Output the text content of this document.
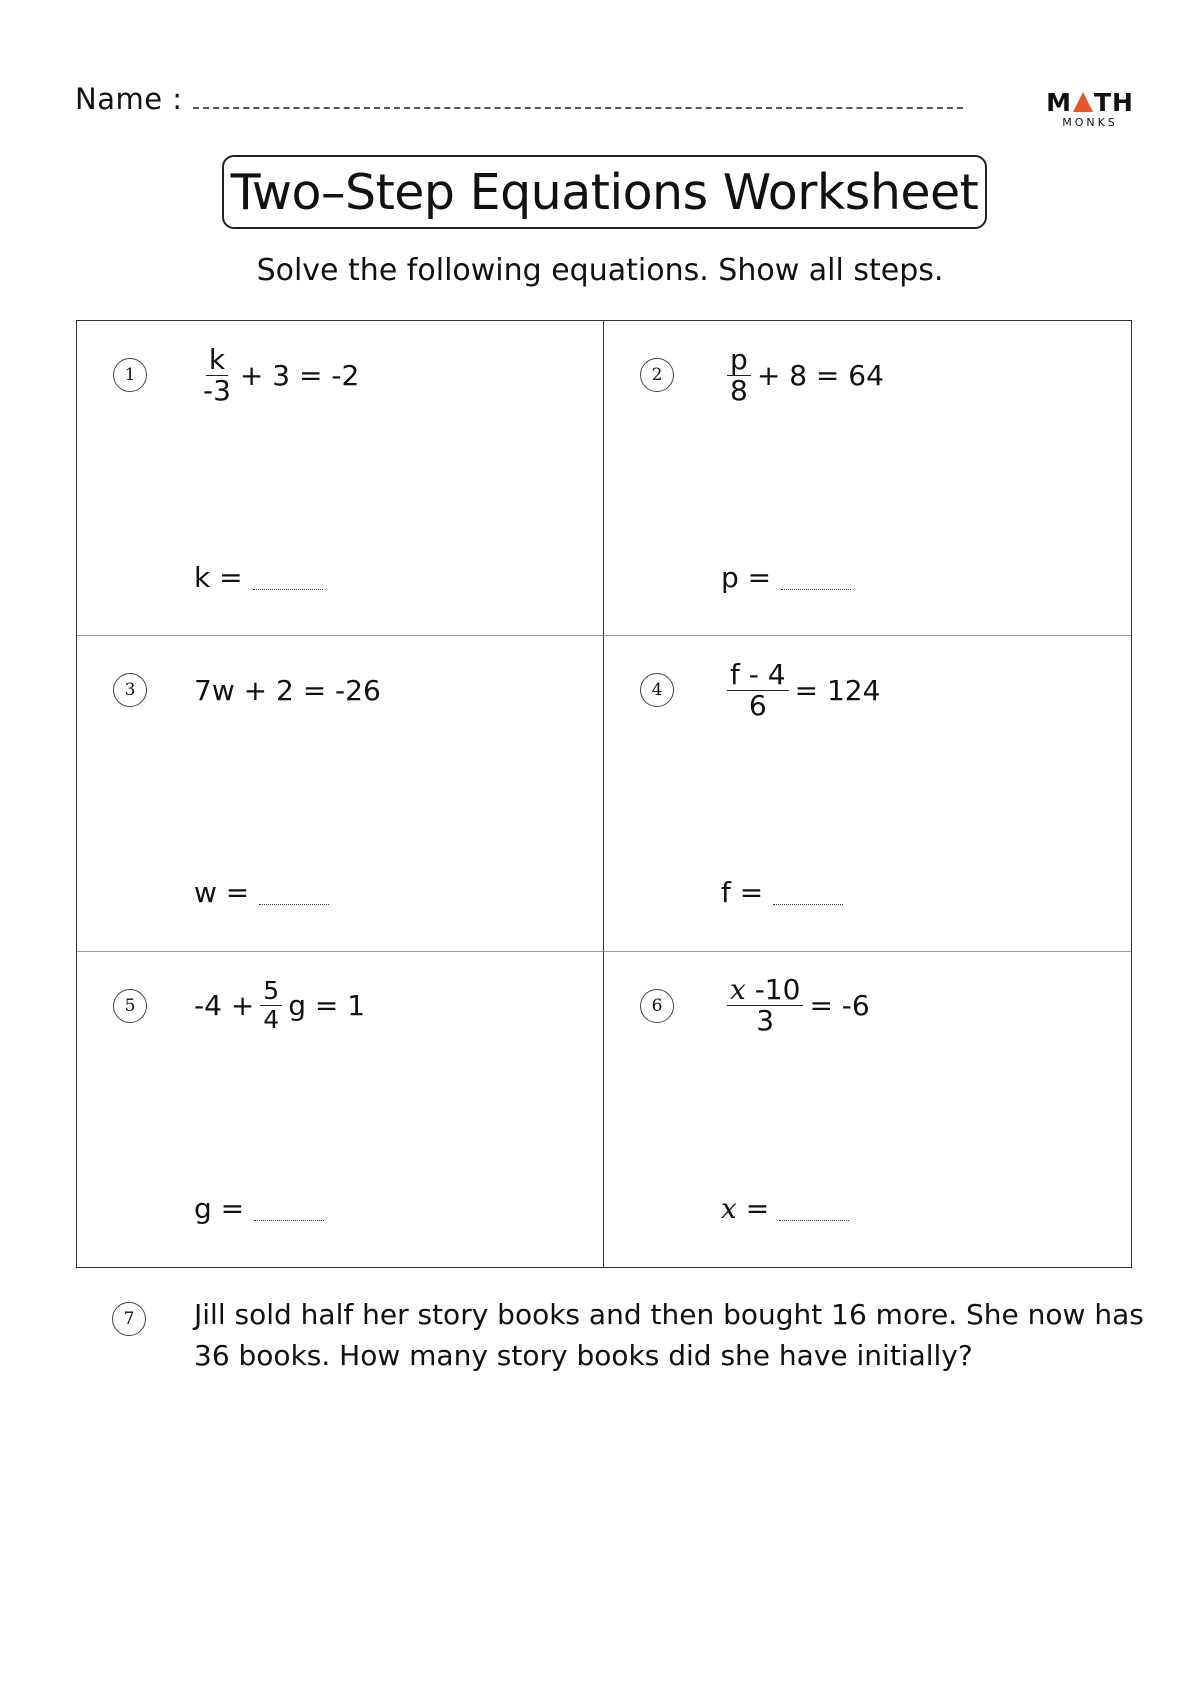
Name :	M TH
MONKS
Two–Step Equations Worksheet
Solve the following equations. Show all steps.
1	$\frac{k}{-3} + 3 = -2$
k =
2	$\frac{p}{8} + 8 = 64$
p =
3	7w + 2 = -26
w =
4	$\frac{f - 4}{6} = 124$
f =
5	$-4 + \frac{5}{4}$ g = 1
g =
6	$\frac{x -10}{3} = -6$
x =
7	Jill sold half her story books and then bought 16 more. She now has 36 books. How many story books did she have initially?
